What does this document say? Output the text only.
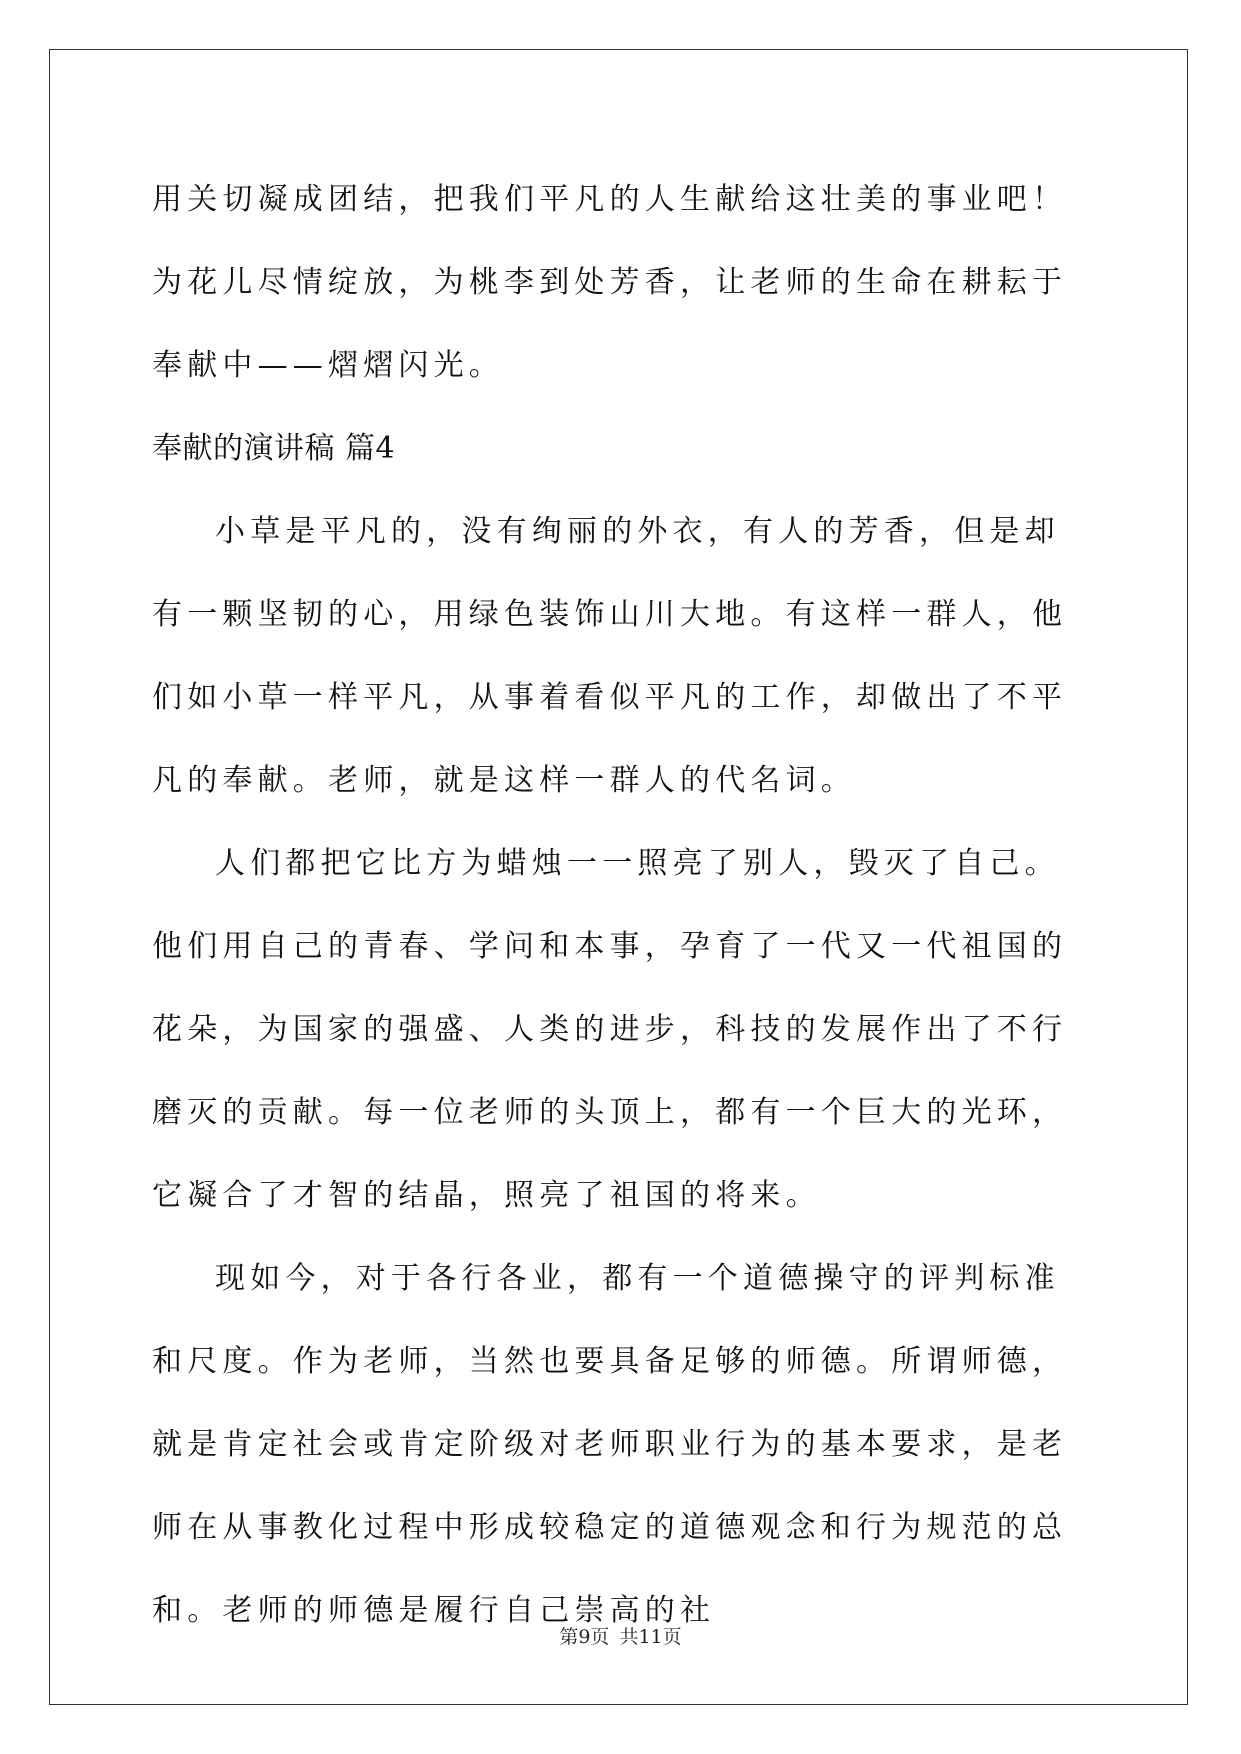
用关切凝成团结，把我们平凡的人生献给这壮美的事业吧！为花儿尽情绽放，为桃李到处芳香，让老师的生命在耕耘于奉献中——熠熠闪光。

奉献的演讲稿 篇4

小草是平凡的，没有绚丽的外衣，有人的芳香，但是却有一颗坚韧的心，用绿色装饰山川大地。有这样一群人，他们如小草一样平凡，从事着看似平凡的工作，却做出了不平凡的奉献。老师，就是这样一群人的代名词。

人们都把它比方为蜡烛一一照亮了别人，毁灭了自己。他们用自己的青春、学问和本事，孕育了一代又一代祖国的花朵，为国家的强盛、人类的进步，科技的发展作出了不行磨灭的贡献。每一位老师的头顶上，都有一个巨大的光环，它凝合了才智的结晶，照亮了祖国的将来。

现如今，对于各行各业，都有一个道德操守的评判标准和尺度。作为老师，当然也要具备足够的师德。所谓师德，就是肯定社会或肯定阶级对老师职业行为的基本要求，是老师在从事教化过程中形成较稳定的道德观念和行为规范的总和。老师的师德是履行自己崇高的社

第9页 共11页
